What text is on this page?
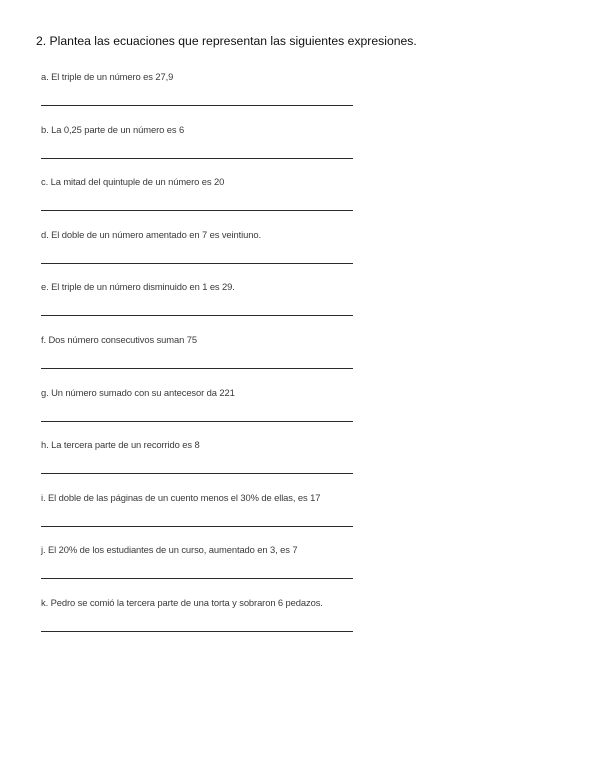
2. Plantea las ecuaciones que representan las siguientes expresiones.
a. El triple de un número es 27,9
b. La 0,25 parte de un número es 6
c. La mitad del quintuple de un número es 20
d. El doble de un número amentado en 7 es veintiuno.
e. El triple de un número disminuido en 1 es 29.
f. Dos número consecutivos suman 75
g. Un número sumado con su antecesor da 221
h. La tercera parte de un recorrido es 8
i. El doble de las páginas de un cuento menos el 30% de ellas, es 17
j. El 20% de los estudiantes de un curso, aumentado en 3, es 7
k. Pedro se comió la tercera parte de una torta y sobraron 6 pedazos.
